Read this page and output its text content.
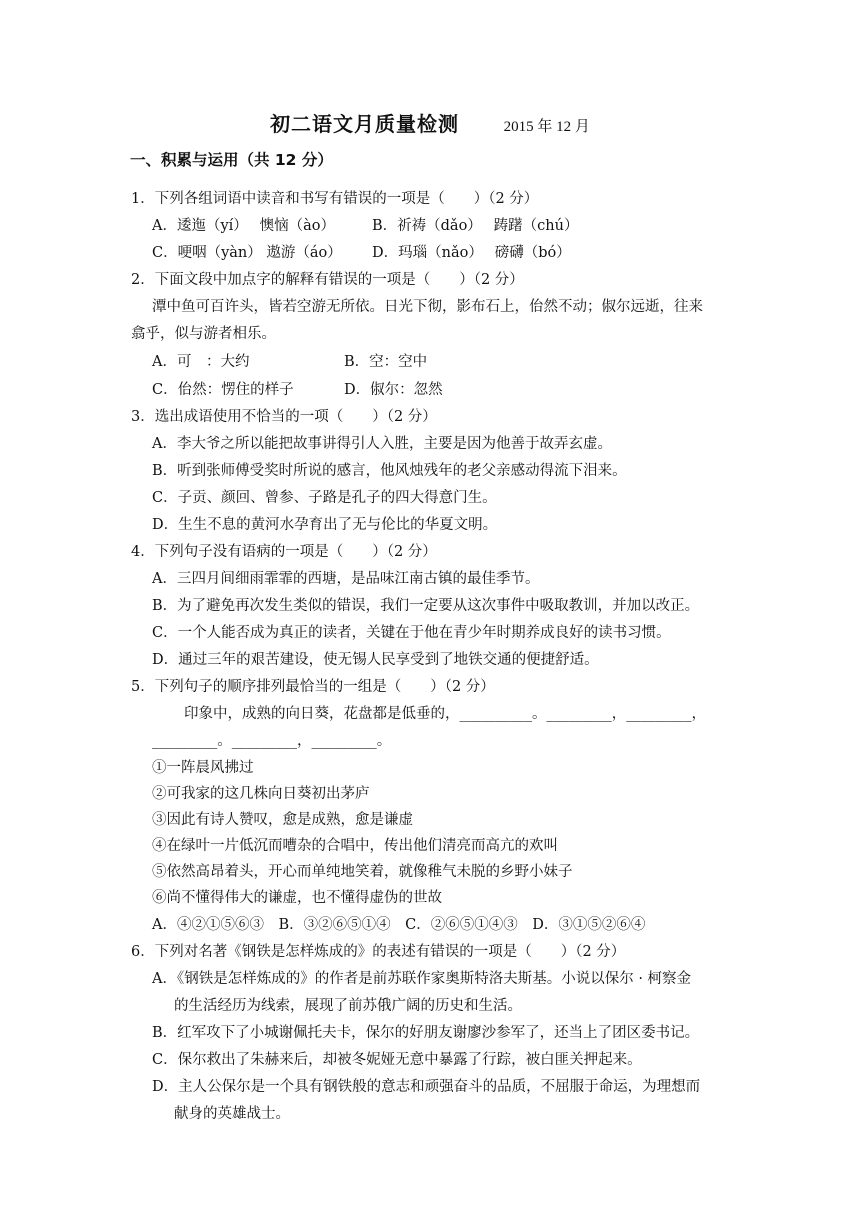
初二语文月质量检测	2015 年 12 月
一、积累与运用（共 12 分）
1．下列各组词语中读音和书写有错误的一项是（　　）（2 分）
A．逶迤（yí）　 懊恼（ào）	B．祈祷（dǎo）　 踌躇（chú）
C．哽咽（yàn） 遨游（áo） D．玛瑙（nǎo）　 磅礴（bó）
2．下面文段中加点字的解释有错误的一项是（　　）（2 分）
潭中鱼可百许头，皆若空游无所依。日光下彻，影布石上，佁然不动；俶尔远逝，往来
翕乎，似与游者相乐。
A．可　：大约	B．空：空中
C．佁然：愣住的样子	D．俶尔：忽然
3．选出成语使用不恰当的一项（　　）（2 分）
A．李大爷之所以能把故事讲得引人入胜，主要是因为他善于故弄玄虚。
B．听到张师傅受奖时所说的感言，他风烛残年的老父亲感动得流下泪来。
C．子贡、颜回、曾参、子路是孔子的四大得意门生。
D．生生不息的黄河水孕育出了无与伦比的华夏文明。
4．下列句子没有语病的一项是（　　）（2 分）
A．三四月间细雨霏霏的西塘，是品味江南古镇的最佳季节。
B．为了避免再次发生类似的错误，我们一定要从这次事件中吸取教训，并加以改正。
C．一个人能否成为真正的读者，关键在于他在青少年时期养成良好的读书习惯。
D．通过三年的艰苦建设，使无锡人民享受到了地铁交通的便捷舒适。
5．下列句子的顺序排列最恰当的一组是（　　）（2 分）
印象中，成熟的向日葵，花盘都是低垂的，__________。_________，_________，
_________。_________，_________。
①一阵晨风拂过
②可我家的这几株向日葵初出茅庐
③因此有诗人赞叹，愈是成熟，愈是谦虚
④在绿叶一片低沉而嘈杂的合唱中，传出他们清亮而高亢的欢叫
⑤依然高昂着头，开心而单纯地笑着，就像稚气未脱的乡野小妹子
⑥尚不懂得伟大的谦虚，也不懂得虚伪的世故
A．④②①⑤⑥③　B．③②⑥⑤①④　C．②⑥⑤①④③　D．③①⑤②⑥④
6．下列对名著《钢铁是怎样炼成的》的表述有错误的一项是（　　）（2 分）
A．《钢铁是怎样炼成的》的作者是前苏联作家奥斯特洛夫斯基。小说以保尔 · 柯察金
的生活经历为线索，展现了前苏俄广阔的历史和生活。
B．红军攻下了小城谢佩托夫卡，保尔的好朋友谢廖沙参军了，还当上了团区委书记。
C．保尔救出了朱赫来后，却被冬妮娅无意中暴露了行踪，被白匪关押起来。
D．主人公保尔是一个具有钢铁般的意志和顽强奋斗的品质，不屈服于命运，为理想而
献身的英雄战士。
